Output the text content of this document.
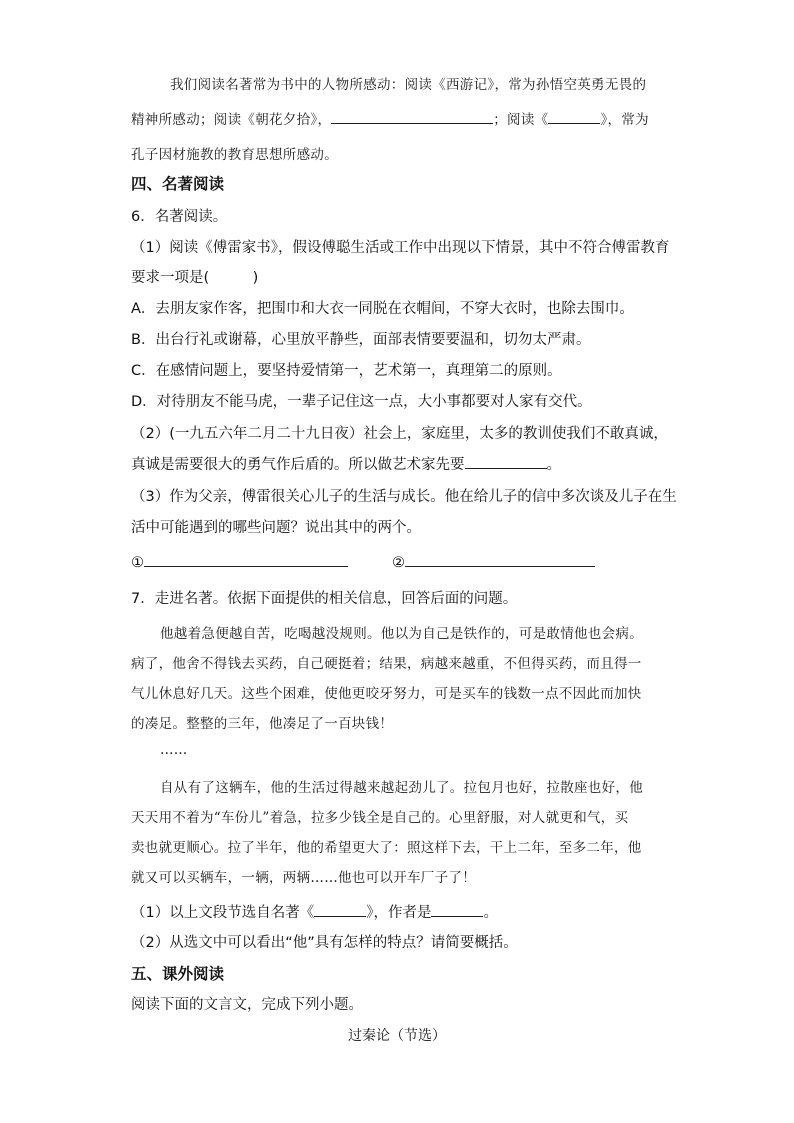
我们阅读名著常为书中的人物所感动：阅读《西游记》，常为孙悟空英勇无畏的
精神所感动；阅读《朝花夕拾》，	；阅读《	》，常为
孔子因材施教的教育思想所感动。
四、名著阅读
6．名著阅读。
（1）阅读《傅雷家书》，假设傅聪生活或工作中出现以下情景，其中不符合傅雷教育
要求一项是(　　　)
A．去朋友家作客，把围巾和大衣一同脱在衣帽间，不穿大衣时，也除去围巾。
B．出台行礼或谢幕，心里放平静些，面部表情要要温和，切勿太严肃。
C．在感情问题上，要坚持爱情第一，艺术第一，真理第二的原则。
D．对待朋友不能马虎，一辈子记住这一点，大小事都要对人家有交代。
（2）(一九五六年二月二十九日夜）社会上，家庭里，太多的教训使我们不敢真诚，
真诚是需要很大的勇气作后盾的。所以做艺术家先要	。
（3）作为父亲，傅雷很关心儿子的生活与成长。他在给儿子的信中多次谈及儿子在生
活中可能遇到的哪些问题？说出其中的两个。
①	②
7．走进名著。依据下面提供的相关信息，回答后面的问题。
他越着急便越自苦，吃喝越没规则。他以为自己是铁作的，可是敢情他也会病。
病了，他舍不得钱去买药，自己硬挺着；结果，病越来越重，不但得买药，而且得一
气儿休息好几天。这些个困难，使他更咬牙努力，可是买车的钱数一点不因此而加快
的凑足。整整的三年，他凑足了一百块钱！
……
自从有了这辆车，他的生活过得越来越起劲儿了。拉包月也好，拉散座也好，他
天天用不着为“车份儿”着急，拉多少钱全是自己的。心里舒服，对人就更和气，买
卖也就更顺心。拉了半年，他的希望更大了：照这样下去，干上二年，至多二年，他
就又可以买辆车，一辆，两辆……他也可以开车厂子了！
（1）以上文段节选自名著《	》，作者是	。
（2）从选文中可以看出“他”具有怎样的特点？请简要概括。
五、课外阅读
阅读下面的文言文，完成下列小题。
过秦论（节选）
